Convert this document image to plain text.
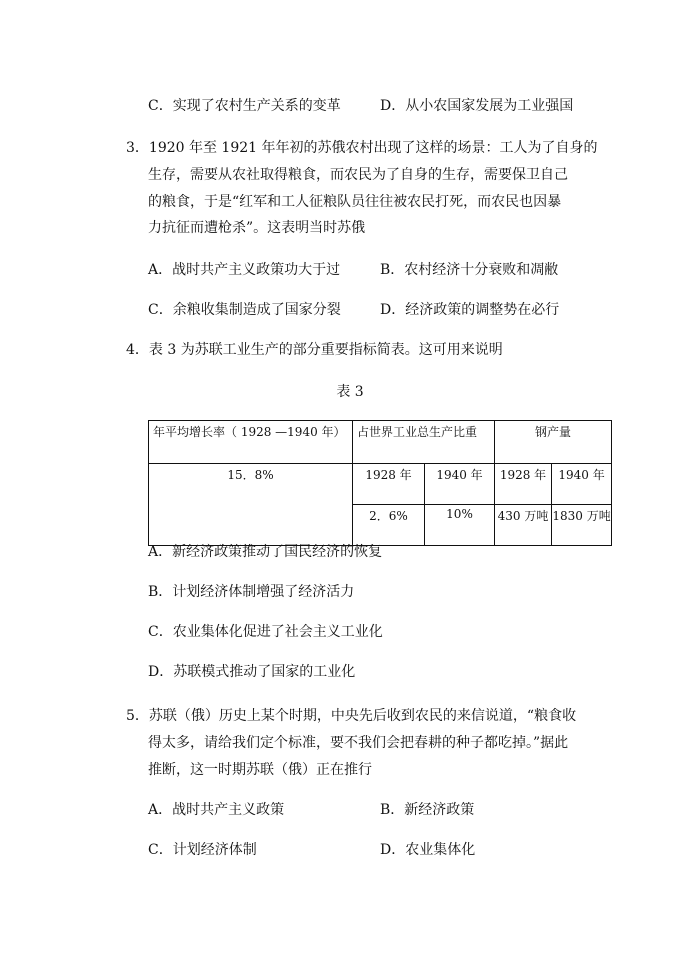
C．实现了农村生产关系的变革	D．从小农国家发展为工业强国
3．1920 年至 1921 年年初的苏俄农村出现了这样的场景：工人为了自身的
生存，需要从农社取得粮食，而农民为了自身的生存，需要保卫自己
的粮食，于是“红军和工人征粮队员往往被农民打死，而农民也因暴
力抗征而遭枪杀”。这表明当时苏俄
A．战时共产主义政策功大于过	B．农村经济十分衰败和凋敝
C．余粮收集制造成了国家分裂	D．经济政策的调整势在必行
4．表 3 为苏联工业生产的部分重要指标简表。这可用来说明
表 3
年平均增长率（ 1928 —1940 年）	占世界工业总生产比重		钢产量	
15．8%	1928 年	1940 年	1928 年	1940 年
	2．6%	10%	430 万吨	1830 万吨
A．新经济政策推动了国民经济的恢复
B．计划经济体制增强了经济活力
C．农业集体化促进了社会主义工业化
D．苏联模式推动了国家的工业化
5．苏联（俄）历史上某个时期，中央先后收到农民的来信说道，“粮食收
得太多，请给我们定个标准，要不我们会把春耕的种子都吃掉。”据此
推断，这一时期苏联（俄）正在推行
A．战时共产主义政策	B．新经济政策
C．计划经济体制	D．农业集体化
